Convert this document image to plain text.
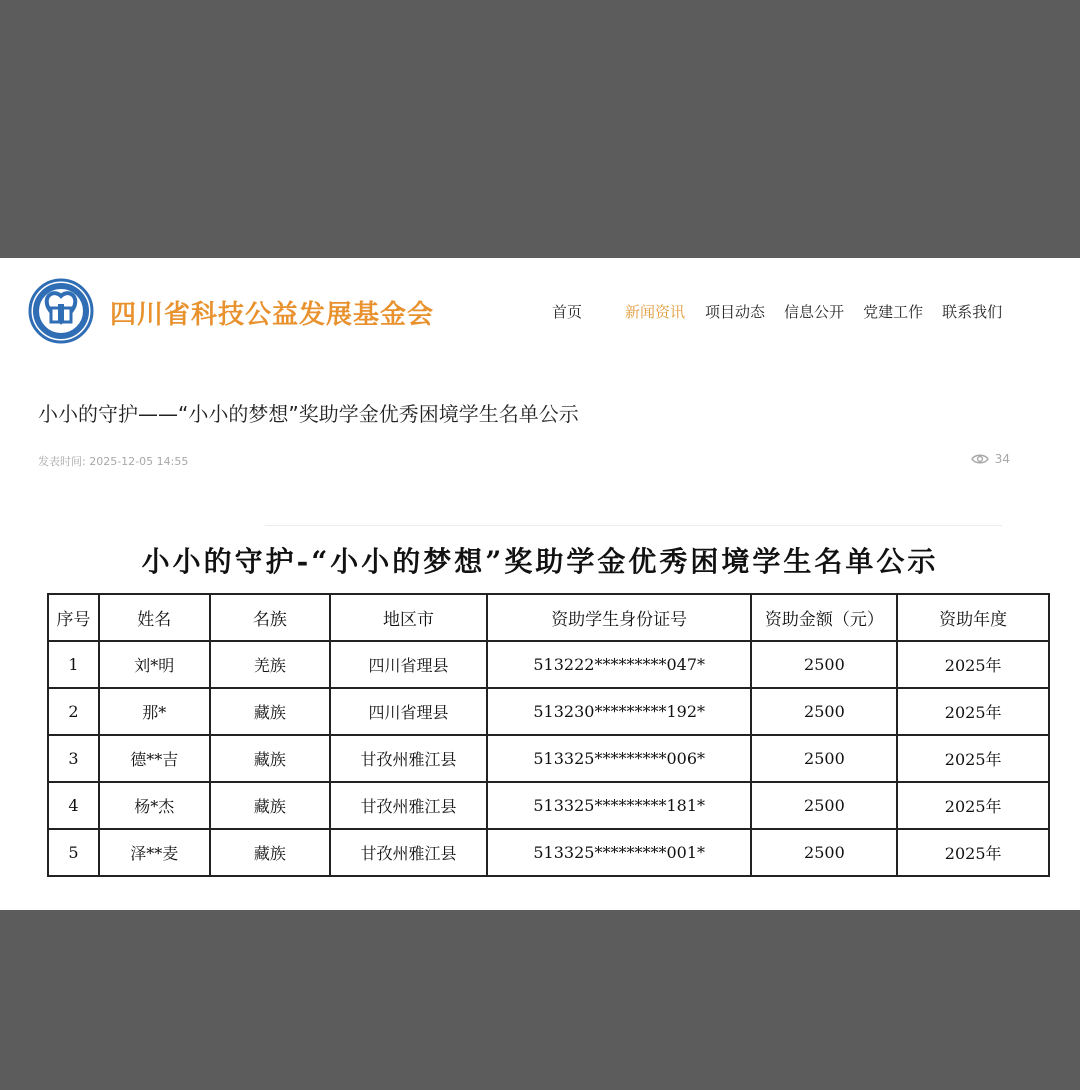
四川省科技公益发展基金会	首页	新闻资讯 项目动态 信息公开 党建工作 联系我们
小小的守护——“小小的梦想”奖助学金优秀困境学生名单公示
发表时间: 2025-12-05 14:55	34
小小的守护-“小小的梦想”奖助学金优秀困境学生名单公示
序号	姓名	名族	地区市	资助学生身份证号	资助金额（元）	资助年度
1	刘*明	羌族	四川省理县	513222*********047*	2500	2025年
2	那*	藏族	四川省理县	513230*********192*	2500	2025年
3	德**吉	藏族	甘孜州雅江县	513325*********006*	2500	2025年
4	杨*杰	藏族	甘孜州雅江县	513325*********181*	2500	2025年
5	泽**麦	藏族	甘孜州雅江县	513325*********001*	2500	2025年
